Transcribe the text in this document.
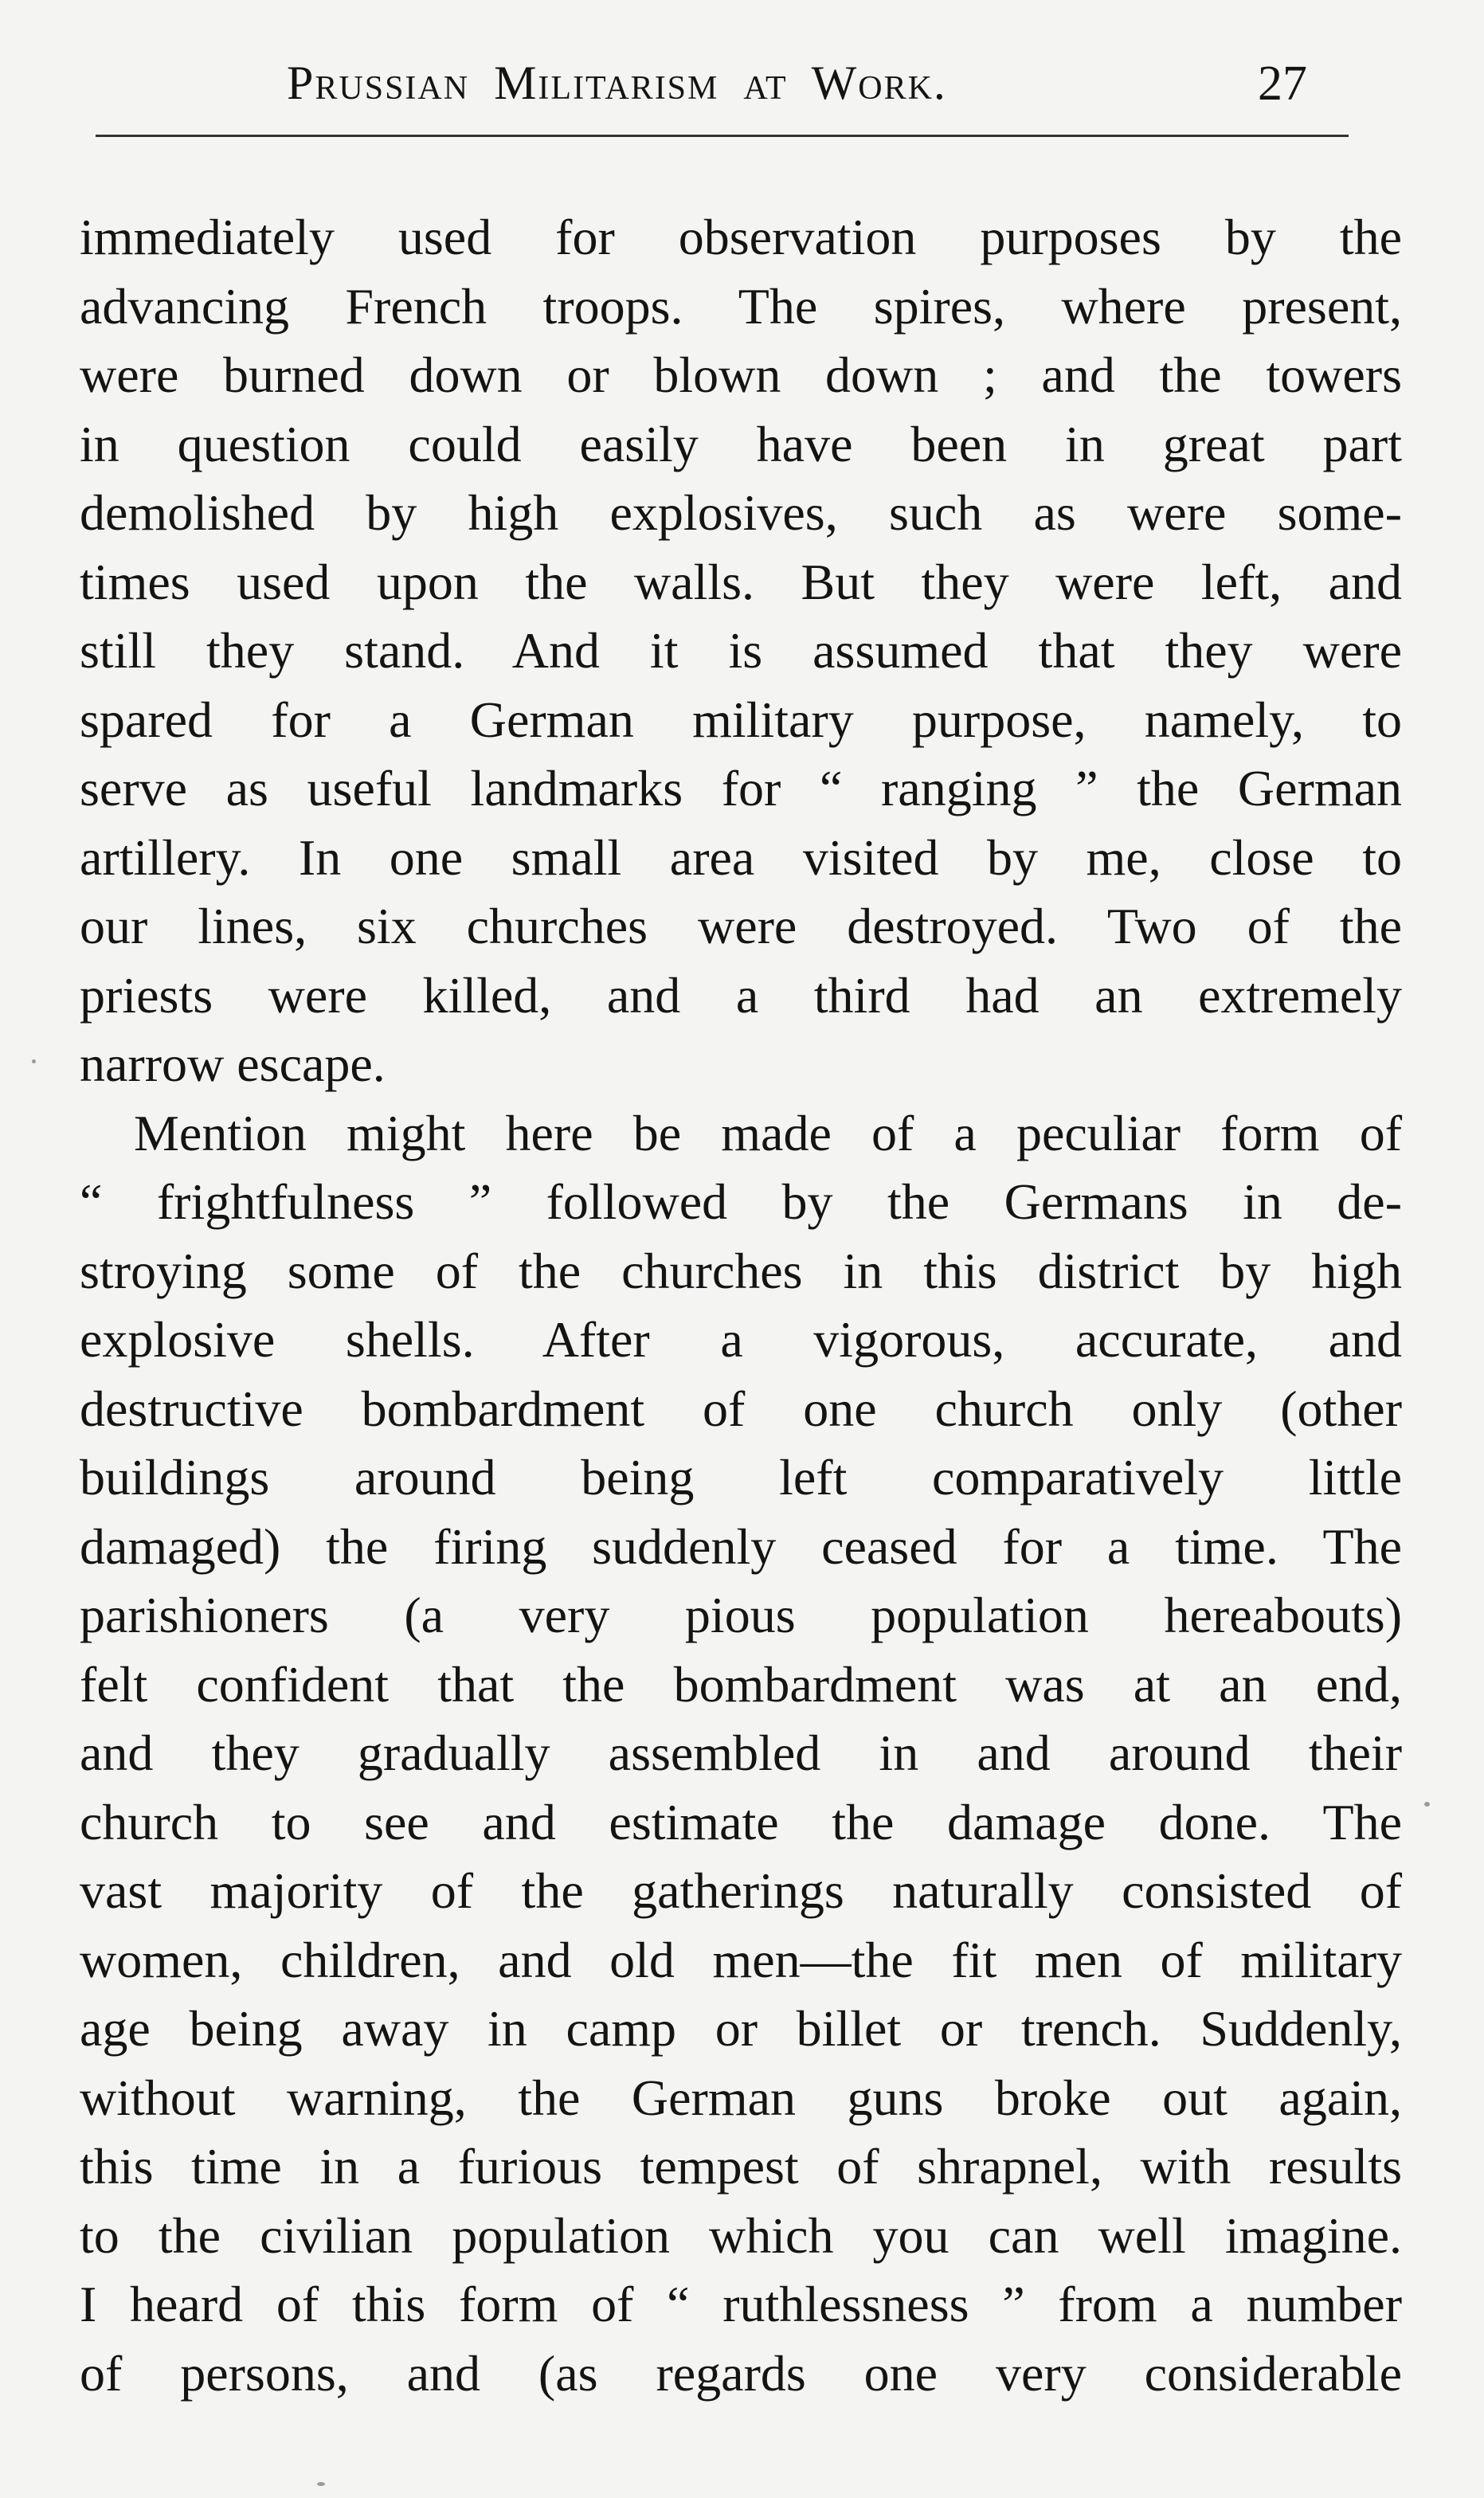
Prussian Militarism at Work.	27
immediately used for observation purposes by the
advancing French troops. The spires, where present,
were burned down or blown down ; and the towers
in question could easily have been in great part
demolished by high explosives, such as were some-
times used upon the walls. But they were left, and
still they stand. And it is assumed that they were
spared for a German military purpose, namely, to
serve as useful landmarks for “ ranging ” the German
artillery. In one small area visited by me, close to
our lines, six churches were destroyed. Two of the
priests were killed, and a third had an extremely
narrow escape.
Mention might here be made of a peculiar form of
“ frightfulness ” followed by the Germans in de-
stroying some of the churches in this district by high
explosive shells. After a vigorous, accurate, and
destructive bombardment of one church only (other
buildings around being left comparatively little
damaged) the firing suddenly ceased for a time. The
parishioners (a very pious population hereabouts)
felt confident that the bombardment was at an end,
and they gradually assembled in and around their
church to see and estimate the damage done. The
vast majority of the gatherings naturally consisted of
women, children, and old men—the fit men of military
age being away in camp or billet or trench. Suddenly,
without warning, the German guns broke out again,
this time in a furious tempest of shrapnel, with results
to the civilian population which you can well imagine.
I heard of this form of “ ruthlessness ” from a number
of persons, and (as regards one very considerable
